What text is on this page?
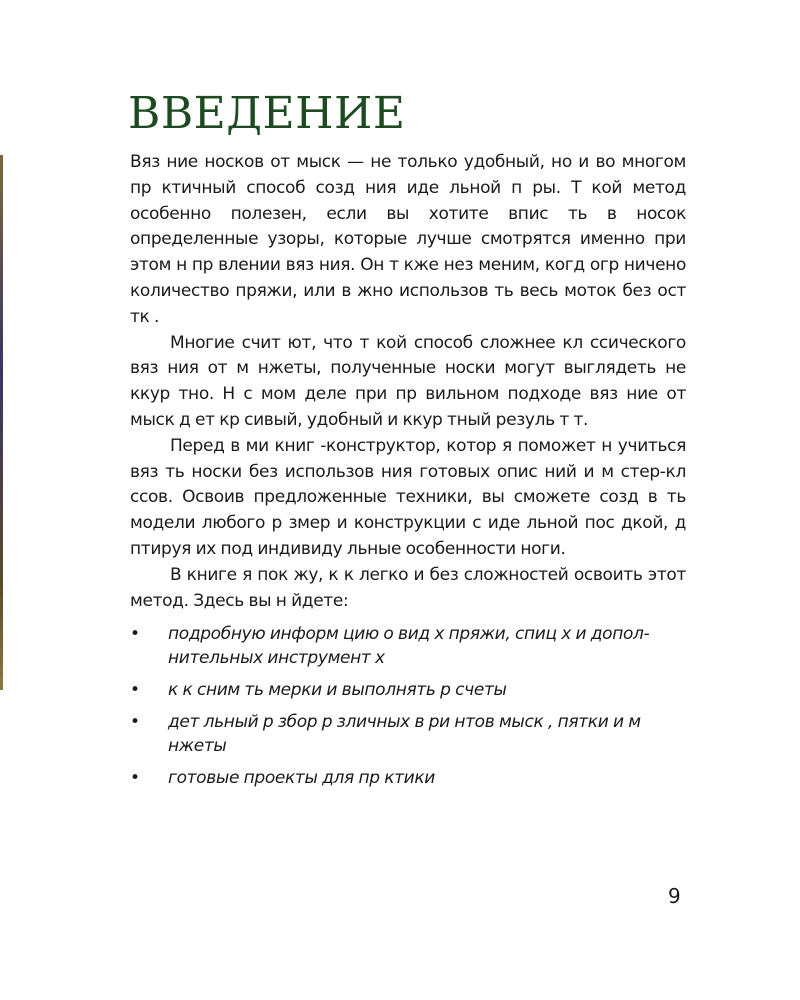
ВВЕДЕНИЕ

Вяз ние носков от мыск — не только удобный, но и во многом пр ктичный способ созд ния иде льной п ры. Т кой метод особенно полезен, если вы хотите впис ть в носок определенные узоры, которые лучше смотрятся именно при этом н пр влении вяз ния. Он т кже нез меним, когд огр ничено количество пряжи, или в жно использов ть весь моток без ост тк .

Многие счит ют, что т кой способ сложнее кл ссического вяз ния от м нжеты, полученные носки могут выглядеть не ккур тно. Н с мом деле при пр вильном подходе вяз ние от мыск д ет кр сивый, удобный и ккур тный резуль т т.

Перед в ми книг -конструктор, котор я поможет н учиться вяз ть носки без использов ния готовых опис ний и м стер-кл ссов. Освоив предложенные техники, вы сможете созд в ть модели любого р змер и конструкции с иде льной пос дкой, д птируя их под индивиду льные особенности ноги.

В книге я пок жу, к к легко и без сложностей освоить этот метод. Здесь вы н йдете:

• подробную информ цию о вид х пряжи, спиц х и дополнительных инструмент х
• к к сним ть мерки и выполнять р счеты
• дет льный р збор р зличных в ри нтов мыск , пятки и м нжеты
• готовые проекты для пр ктики
9
